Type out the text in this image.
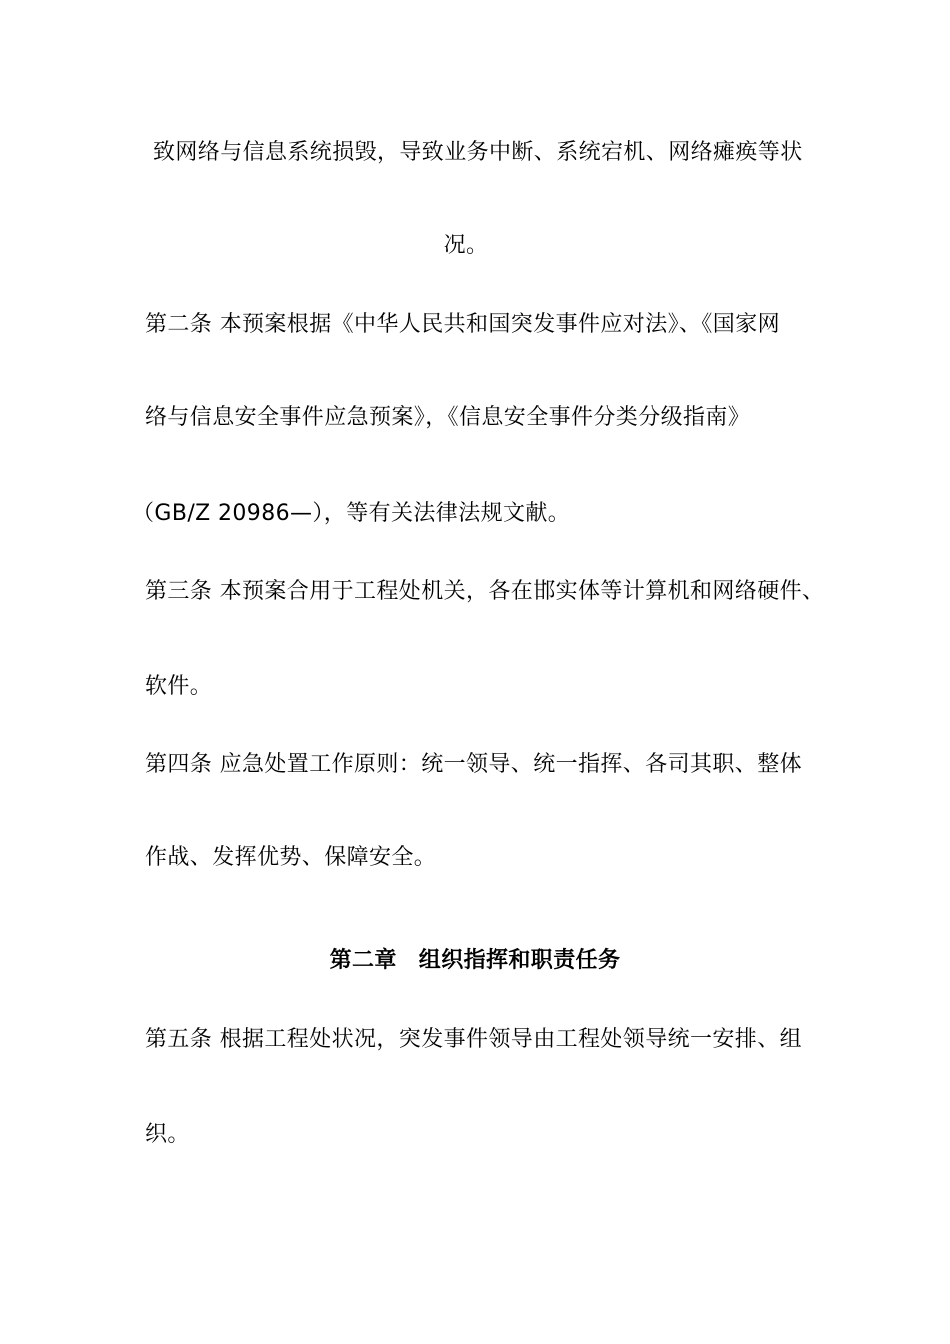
致网络与信息系统损毁，导致业务中断、系统宕机、网络瘫痪等状
况。
第二条 本预案根据《中华人民共和国突发事件应对法》、《国家网
络与信息安全事件应急预案》，《信息安全事件分类分级指南》
（GB/Z 20986—），等有关法律法规文献。
第三条 本预案合用于工程处机关，各在邯实体等计算机和网络硬件、
软件。
第四条 应急处置工作原则：统一领导、统一指挥、各司其职、整体
作战、发挥优势、保障安全。
第二章 组织指挥和职责任务
第五条 根据工程处状况，突发事件领导由工程处领导统一安排、组
织。
